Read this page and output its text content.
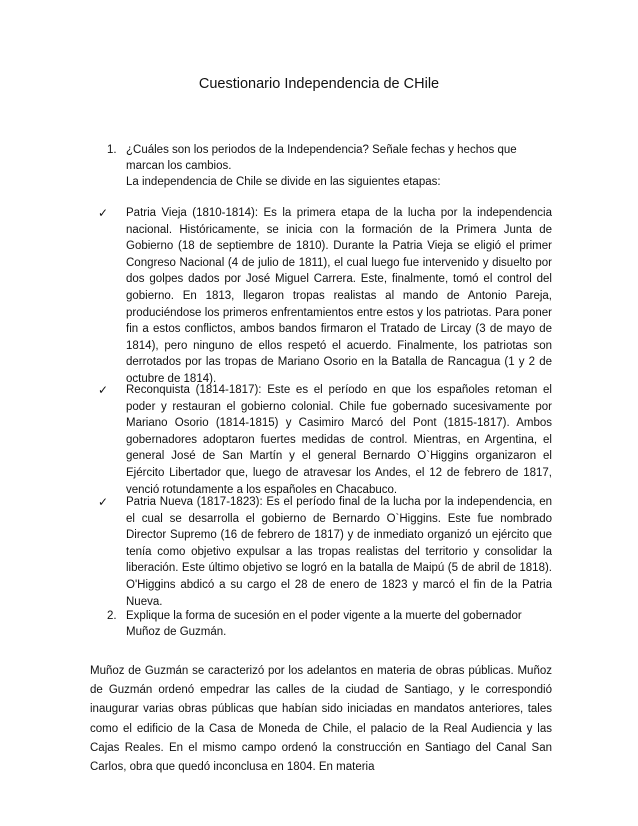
Cuestionario Independencia de CHile
1. ¿Cuáles son los periodos de la Independencia? Señale fechas y hechos que marcan los cambios.

La independencia de Chile se divide en las siguientes etapas:

✓ Patria Vieja (1810-1814): Es la primera etapa de la lucha por la independencia nacional. Históricamente, se inicia con la formación de la Primera Junta de Gobierno (18 de septiembre de 1810). Durante la Patria Vieja se eligió el primer Congreso Nacional (4 de julio de 1811), el cual luego fue intervenido y disuelto por dos golpes dados por José Miguel Carrera. Este, finalmente, tomó el control del gobierno. En 1813, llegaron tropas realistas al mando de Antonio Pareja, produciéndose los primeros enfrentamientos entre estos y los patriotas. Para poner fin a estos conflictos, ambos bandos firmaron el Tratado de Lircay (3 de mayo de 1814), pero ninguno de ellos respetó el acuerdo. Finalmente, los patriotas son derrotados por las tropas de Mariano Osorio en la Batalla de Rancagua (1 y 2 de octubre de 1814).
✓ Reconquista (1814-1817): Este es el período en que los españoles retoman el poder y restauran el gobierno colonial. Chile fue gobernado sucesivamente por Mariano Osorio (1814-1815) y Casimiro Marcó del Pont (1815-1817). Ambos gobernadores adoptaron fuertes medidas de control. Mientras, en Argentina, el general José de San Martín y el general Bernardo O`Higgins organizaron el Ejército Libertador que, luego de atravesar los Andes, el 12 de febrero de 1817, venció rotundamente a los españoles en Chacabuco.
✓ Patria Nueva (1817-1823): Es el período final de la lucha por la independencia, en el cual se desarrolla el gobierno de Bernardo O`Higgins. Este fue nombrado Director Supremo (16 de febrero de 1817) y de inmediato organizó un ejército que tenía como objetivo expulsar a las tropas realistas del territorio y consolidar la liberación. Este último objetivo se logró en la batalla de Maipú (5 de abril de 1818). O'Higgins abdicó a su cargo el 28 de enero de 1823 y marcó el fin de la Patria Nueva.
2. Explique la forma de sucesión en el poder vigente a la muerte del gobernador Muñoz de Guzmán.

Muñoz de Guzmán se caracterizó por los adelantos en materia de obras públicas. Muñoz de Guzmán ordenó empedrar las calles de la ciudad de Santiago, y le correspondió inaugurar varias obras públicas que habían sido iniciadas en mandatos anteriores, tales como el edificio de la Casa de Moneda de Chile, el palacio de la Real Audiencia y las Cajas Reales. En el mismo campo ordenó la construcción en Santiago del Canal San Carlos, obra que quedó inconclusa en 1804. En materia
